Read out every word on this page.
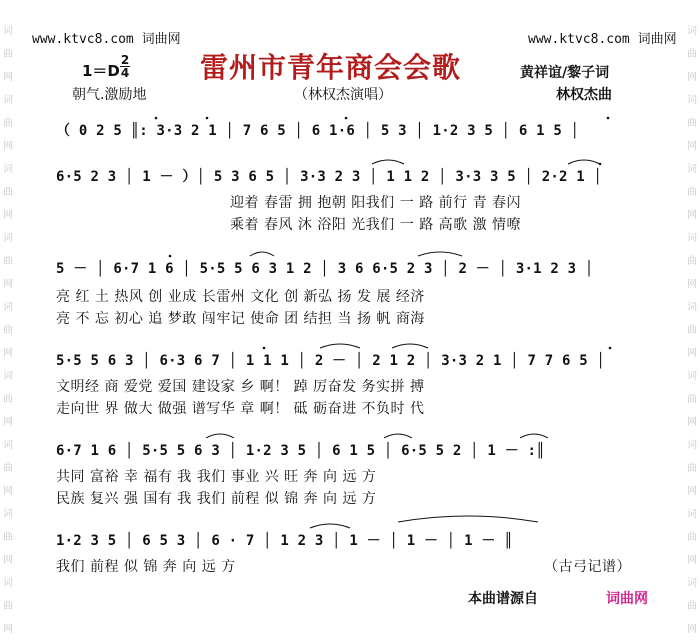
词曲网词曲网词曲网词曲网词曲网词曲网词曲网词曲网词曲网
词曲网词曲网词曲网词曲网词曲网词曲网词曲网词曲网词曲网
www.ktvc8.com 词曲网	www.ktvc8.com 词曲网
1＝D
2
4	雷州市青年商会会歌
朝气.激励地	（林权杰演唱）
黄祥谊/黎子词
林权杰曲
（ 0 2 5 ║: 3·3 2 1 │ 7 6 5 │ 6 1·6 │ 5 3 │ 1·2 3 5 │ 6 1 5 │
6·5 2 3 │ 1 － ）│ 5 3 6 5 │ 3·3 2 3 │ 1 1 2 │ 3·3 3 5 │ 2·2 1 │
迎着 春雷 拥 抱朝 阳我们 一 路 前行 青 春闪
乘着 春风 沐 浴阳 光我们 一 路 高歌 激 情嘹
5 － │ 6·7 1 6 │ 5·5 5 6 3 1 2 │ 3 6 6·5 2 3 │ 2 － │ 3·1 2 3 │
亮 红 土 热风 创 业成 长雷州 文化 创 新弘 扬 发 展 经济
亮 不 忘 初心 追 梦敢 闯牢记 使命 团 结担 当 扬 帆 商海
5·5 5 6 3 │ 6·3 6 7 │ 1 1 1 │ 2 － │ 2 1 2 │ 3·3 2 1 │ 7 7 6 5 │
文明经 商 爱党 爱国 建设家 乡 啊！ 踔 厉奋发 务实拼 搏
走向世 界 做大 做强 谱写华 章 啊！ 砥 砺奋进 不负时 代
6·7 1 6 │ 5·5 5 6 3 │ 1·2 3 5 │ 6 1 5 │ 6·5 5 2 │ 1 － :║
共同 富裕 幸 福有 我 我们 事业 兴 旺 奔 向 远 方
民族 复兴 强 国有 我 我们 前程 似 锦 奔 向 远 方
1·2 3 5 │ 6 5 3 │ 6 · 7 │ 1 2 3 │ 1 － │ 1 － │ 1 － ║
我们 前程 似 锦 奔 向 远 方	（古弓记谱）
本曲谱源自	词曲网
